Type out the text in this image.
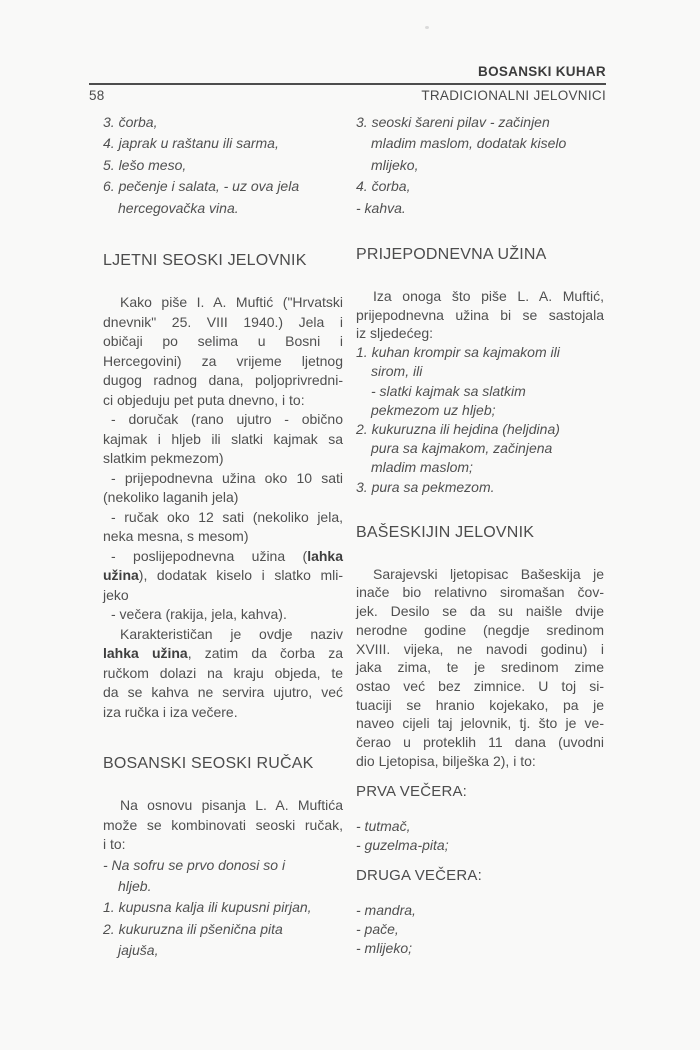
BOSANSKI KUHAR
58	TRADICIONALNI JELOVNICI
3. čorba,
4. japrak u raštanu ili sarma,
5. lešo meso,
6. pečenje i salata, - uz ova jela
hercegovačka vina.
LJETNI SEOSKI JELOVNIK
Kako piše I. A. Muftić ("Hrvatski
dnevnik" 25. VIII 1940.) Jela i
običaji po selima u Bosni i
Hercegovini) za vrijeme ljetnog
dugog radnog dana, poljoprivredni-
ci objeduju pet puta dnevno, i to:
- doručak (rano ujutro - obično
kajmak i hljeb ili slatki kajmak sa
slatkim pekmezom)
- prijepodnevna užina oko 10 sati
(nekoliko laganih jela)
- ručak oko 12 sati (nekoliko jela,
neka mesna, s mesom)
- poslijepodnevna užina (lahka
užina), dodatak kiselo i slatko mli-
jeko
- večera (rakija, jela, kahva).
Karakterističan je ovdje naziv
lahka užina, zatim da čorba za
ručkom dolazi na kraju objeda, te
da se kahva ne servira ujutro, već
iza ručka i iza večere.
BOSANSKI SEOSKI RUČAK
Na osnovu pisanja L. A. Muftića
može se kombinovati seoski ručak,
i to:
- Na sofru se prvo donosi so i
hljeb.
1. kupusna kalja ili kupusni pirjan,
2. kukuruzna ili pšenična pita
jajuša,
3. seoski šareni pilav - začinjen
mladim maslom, dodatak kiselo
mlijeko,
4. čorba,
- kahva.
PRIJEPODNEVNA UŽINA
Iza onoga što piše L. A. Muftić,
prijepodnevna užina bi se sastojala
iz sljedećeg:
1. kuhan krompir sa kajmakom ili
sirom, ili
- slatki kajmak sa slatkim
pekmezom uz hljeb;
2. kukuruzna ili hejdina (heljdina)
pura sa kajmakom, začinjena
mladim maslom;
3. pura sa pekmezom.
BAŠESKIJIN JELOVNIK
Sarajevski ljetopisac Bašeskija je
inače bio relativno siromašan čov-
jek. Desilo se da su naišle dvije
nerodne godine (negdje sredinom
XVIII. vijeka, ne navodi godinu) i
jaka zima, te je sredinom zime
ostao već bez zimnice. U toj si-
tuaciji se hranio kojekako, pa je
naveo cijeli taj jelovnik, tj. što je ve-
čerao u proteklih 11 dana (uvodni
dio Ljetopisa, bilješka 2), i to:
PRVA VEČERA:
- tutmač,
- guzelma-pita;
DRUGA VEČERA:
- mandra,
- pače,
- mlijeko;
